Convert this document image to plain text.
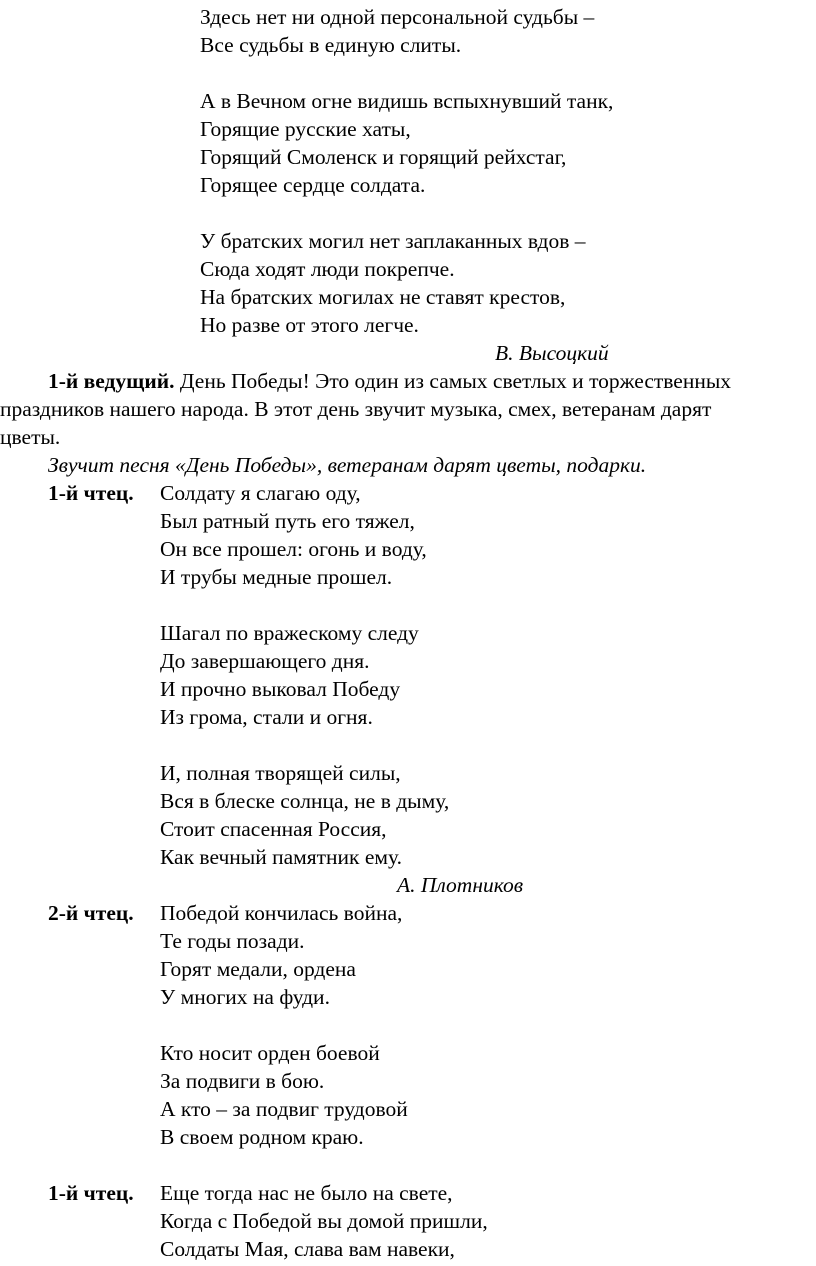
Здесь нет ни одной персональной судьбы –
Все судьбы в единую слиты.
А в Вечном огне видишь вспыхнувший танк,
Горящие русские хаты,
Горящий Смоленск и горящий рейхстаг,
Горящее сердце солдата.
У братских могил нет заплаканных вдов –
Сюда ходят люди покрепче.
На братских могилах не ставят крестов,
Но разве от этого легче.
В. Высоцкий
1-й ведущий. День Победы! Это один из самых светлых и торжественных
праздников нашего народа. В этот день звучит музыка, смех, ветеранам дарят
цветы.
Звучит песня «День Победы», ветеранам дарят цветы, подарки.
1-й чтец. Солдату я слагаю оду,
Был ратный путь его тяжел,
Он все прошел: огонь и воду,
И трубы медные прошел.
Шагал по вражескому следу
До завершающего дня.
И прочно выковал Победу
Из грома, стали и огня.
И, полная творящей силы,
Вся в блеске солнца, не в дыму,
Стоит спасенная Россия,
Как вечный памятник ему.
А. Плотников
2-й чтец. Победой кончилась война,
Те годы позади.
Горят медали, ордена
У многих на фуди.
Кто носит орден боевой
За подвиги в бою.
А кто – за подвиг трудовой
В своем родном краю.
1-й чтец. Еще тогда нас не было на свете,
Когда с Победой вы домой пришли,
Солдаты Мая, слава вам навеки,
